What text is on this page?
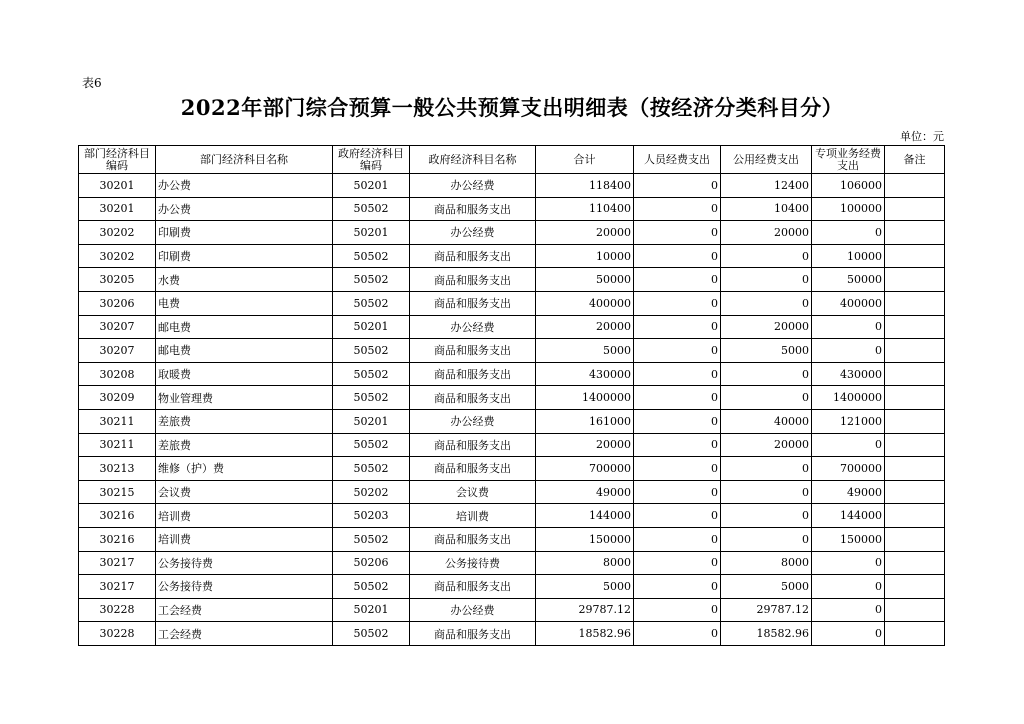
表6
2022年部门综合预算一般公共预算支出明细表（按经济分类科目分）
单位：元
部门经济科目编码	部门经济科目名称	政府经济科目编码	政府经济科目名称	合计	人员经费支出	公用经费支出	专项业务经费支出	备注
30201	办公费	50201	办公经费	118400	0	12400	106000	
30201	办公费	50502	商品和服务支出	110400	0	10400	100000	
30202	印刷费	50201	办公经费	20000	0	20000	0	
30202	印刷费	50502	商品和服务支出	10000	0	0	10000	
30205	水费	50502	商品和服务支出	50000	0	0	50000	
30206	电费	50502	商品和服务支出	400000	0	0	400000	
30207	邮电费	50201	办公经费	20000	0	20000	0	
30207	邮电费	50502	商品和服务支出	5000	0	5000	0	
30208	取暖费	50502	商品和服务支出	430000	0	0	430000	
30209	物业管理费	50502	商品和服务支出	1400000	0	0	1400000	
30211	差旅费	50201	办公经费	161000	0	40000	121000	
30211	差旅费	50502	商品和服务支出	20000	0	20000	0	
30213	维修（护）费	50502	商品和服务支出	700000	0	0	700000	
30215	会议费	50202	会议费	49000	0	0	49000	
30216	培训费	50203	培训费	144000	0	0	144000	
30216	培训费	50502	商品和服务支出	150000	0	0	150000	
30217	公务接待费	50206	公务接待费	8000	0	8000	0	
30217	公务接待费	50502	商品和服务支出	5000	0	5000	0	
30228	工会经费	50201	办公经费	29787.12	0	29787.12	0	
30228	工会经费	50502	商品和服务支出	18582.96	0	18582.96	0	
